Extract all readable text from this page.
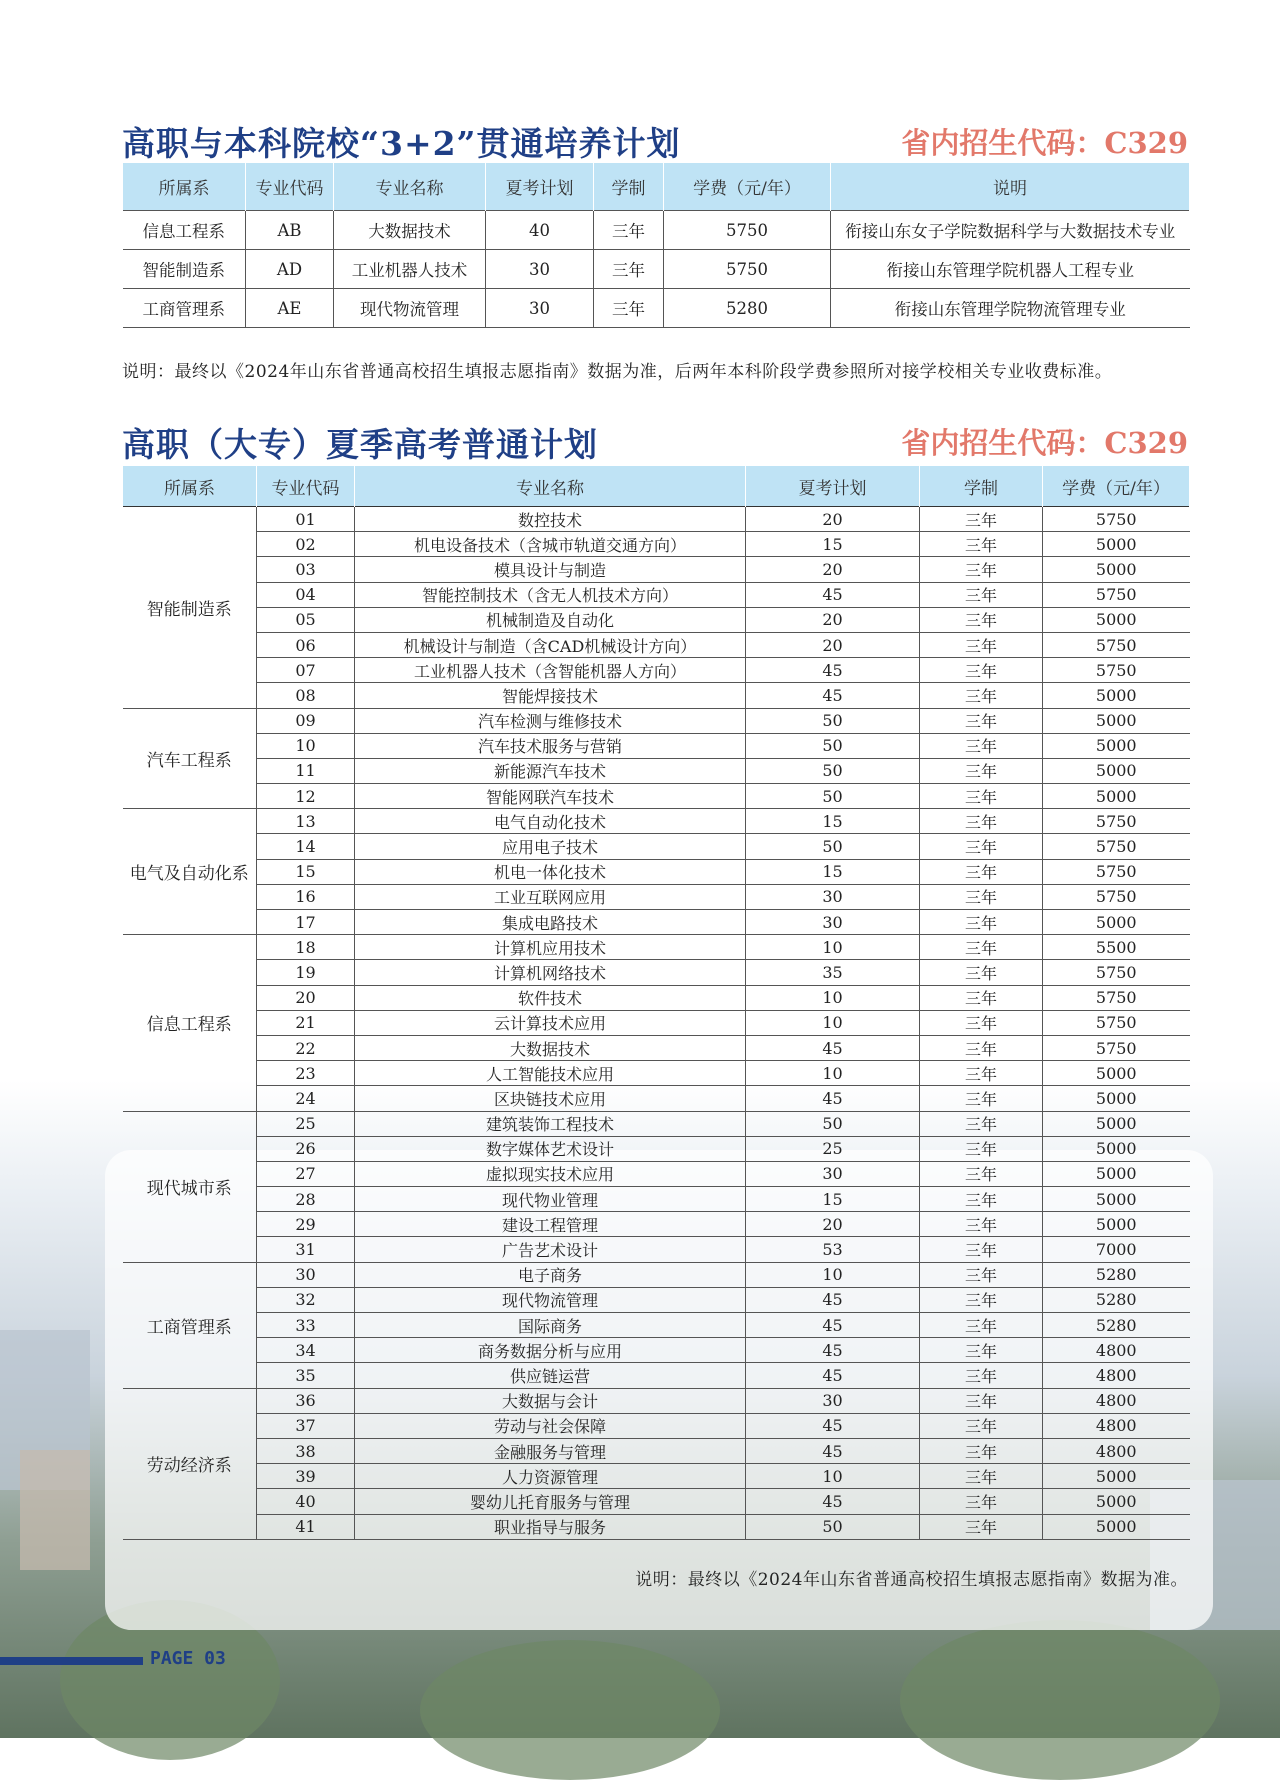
高职与本科院校“3+2”贯通培养计划	省内招生代码：C329
所属系	专业代码	专业名称	夏考计划	学制	学费（元/年）	说明
信息工程系	AB	大数据技术	40	三年	5750	衔接山东女子学院数据科学与大数据技术专业
智能制造系	AD	工业机器人技术	30	三年	5750	衔接山东管理学院机器人工程专业
工商管理系	AE	现代物流管理	30	三年	5280	衔接山东管理学院物流管理专业
说明：最终以《2024年山东省普通高校招生填报志愿指南》数据为准，后两年本科阶段学费参照所对接学校相关专业收费标准。
高职（大专）夏季高考普通计划	省内招生代码：C329
所属系	专业代码	专业名称	夏考计划	学制	学费（元/年）
智能制造系	01	数控技术	20	三年	5750
	02	机电设备技术（含城市轨道交通方向）	15	三年	5000
	03	模具设计与制造	20	三年	5000
	04	智能控制技术（含无人机技术方向）	45	三年	5750
	05	机械制造及自动化	20	三年	5000
	06	机械设计与制造（含CAD机械设计方向）	20	三年	5750
	07	工业机器人技术（含智能机器人方向）	45	三年	5750
	08	智能焊接技术	45	三年	5000
汽车工程系	09	汽车检测与维修技术	50	三年	5000
	10	汽车技术服务与营销	50	三年	5000
	11	新能源汽车技术	50	三年	5000
	12	智能网联汽车技术	50	三年	5000
电气及自动化系	13	电气自动化技术	15	三年	5750
	14	应用电子技术	50	三年	5750
	15	机电一体化技术	15	三年	5750
	16	工业互联网应用	30	三年	5750
	17	集成电路技术	30	三年	5000
信息工程系	18	计算机应用技术	10	三年	5500
	19	计算机网络技术	35	三年	5750
	20	软件技术	10	三年	5750
	21	云计算技术应用	10	三年	5750
	22	大数据技术	45	三年	5750
	23	人工智能技术应用	10	三年	5000
	24	区块链技术应用	45	三年	5000
现代城市系	25	建筑装饰工程技术	50	三年	5000
	26	数字媒体艺术设计	25	三年	5000
	27	虚拟现实技术应用	30	三年	5000
	28	现代物业管理	15	三年	5000
	29	建设工程管理	20	三年	5000
	31	广告艺术设计	53	三年	7000
工商管理系	30	电子商务	10	三年	5280
	32	现代物流管理	45	三年	5280
	33	国际商务	45	三年	5280
	34	商务数据分析与应用	45	三年	4800
	35	供应链运营	45	三年	4800
劳动经济系	36	大数据与会计	30	三年	4800
	37	劳动与社会保障	45	三年	4800
	38	金融服务与管理	45	三年	4800
	39	人力资源管理	10	三年	5000
	40	婴幼儿托育服务与管理	45	三年	5000
	41	职业指导与服务	50	三年	5000
说明：最终以《2024年山东省普通高校招生填报志愿指南》数据为准。
PAGE 03
